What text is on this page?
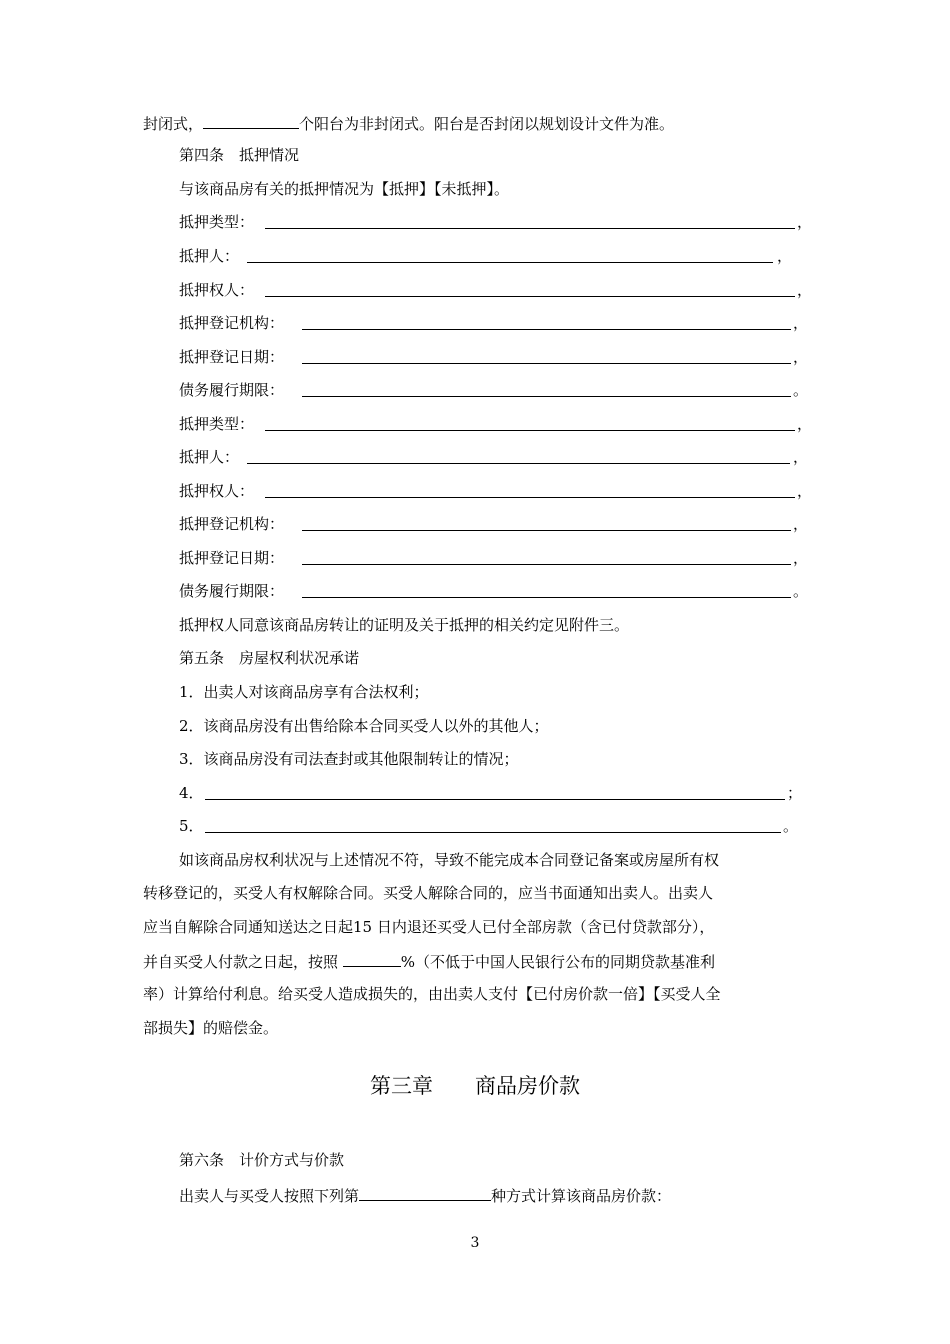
封闭式，	个阳台为非封闭式。阳台是否封闭以规划设计文件为准。
第四条　抵押情况
与该商品房有关的抵押情况为【抵押】【未抵押】。
抵押类型：	，
抵押人：	，
抵押权人：	，
抵押登记机构：	，
抵押登记日期：	，
债务履行期限：	。
抵押类型：	，
抵押人：	，
抵押权人：	，
抵押登记机构：	，
抵押登记日期：	，
债务履行期限：	。
抵押权人同意该商品房转让的证明及关于抵押的相关约定见附件三。
第五条　房屋权利状况承诺
1．出卖人对该商品房享有合法权利；
2．该商品房没有出售给除本合同买受人以外的其他人；
3．该商品房没有司法查封或其他限制转让的情况；
4．	；
5．	。
如该商品房权利状况与上述情况不符，导致不能完成本合同登记备案或房屋所有权
转移登记的，买受人有权解除合同。买受人解除合同的，应当书面通知出卖人。出卖人
应当自解除合同通知送达之日起15 日内退还买受人已付全部房款（含已付贷款部分），
并自买受人付款之日起，按照	%（不低于中国人民银行公布的同期贷款基准利
率）计算给付利息。给买受人造成损失的，由出卖人支付【已付房价款一倍】【买受人全
部损失】的赔偿金。
第三章　　商品房价款
第六条　计价方式与价款
出卖人与买受人按照下列第	种方式计算该商品房价款：
3
